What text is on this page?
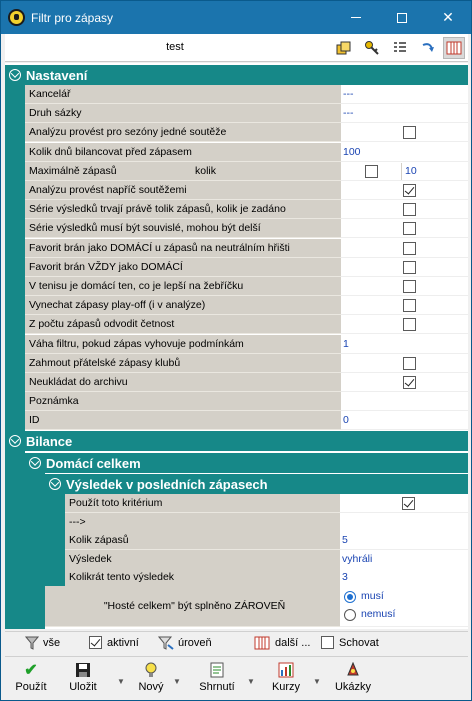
Filtr pro zápasy	✕
test
Nastavení
Kancelář	---
Druh sázky	---
Analýzu provést pro sezóny jedné soutěže
Kolik dnů bilancovat před zápasem	100
Maximálně zápasů	kolik	10
Analýzu provést napříč soutěžemi
Série výsledků trvají právě tolik zápasů, kolik je zadáno
Série výsledků musí být souvislé, mohou být delší
Favorit brán jako DOMÁCÍ u zápasů na neutrálním hřišti
Favorit brán VŽDY jako DOMÁCÍ
V tenisu je domácí ten, co je lepší na žebříčku
Vynechat zápasy play-off (i v analýze)
Z počtu zápasů odvodit četnost
Váha filtru, pokud zápas vyhovuje podmínkám	1
Zahmout přátelské zápasy klubů
Neukládat do archivu
Poznámka
ID	0
Bilance
Domácí celkem
Výsledek v posledních zápasech
Použít toto kritérium
--->
Kolik zápasů	5
Výsledek	vyhráli
Kolikrát tento výsledek	3
"Hosté celkem" být splněno ZÁROVEŇ
musí
nemusí
vše	aktivní	úroveň	další ...	Schovat
✔
Použít Uložit	▼ Nový ▼ Shrnutí ▼ Kurzy ▼ Ukázky
